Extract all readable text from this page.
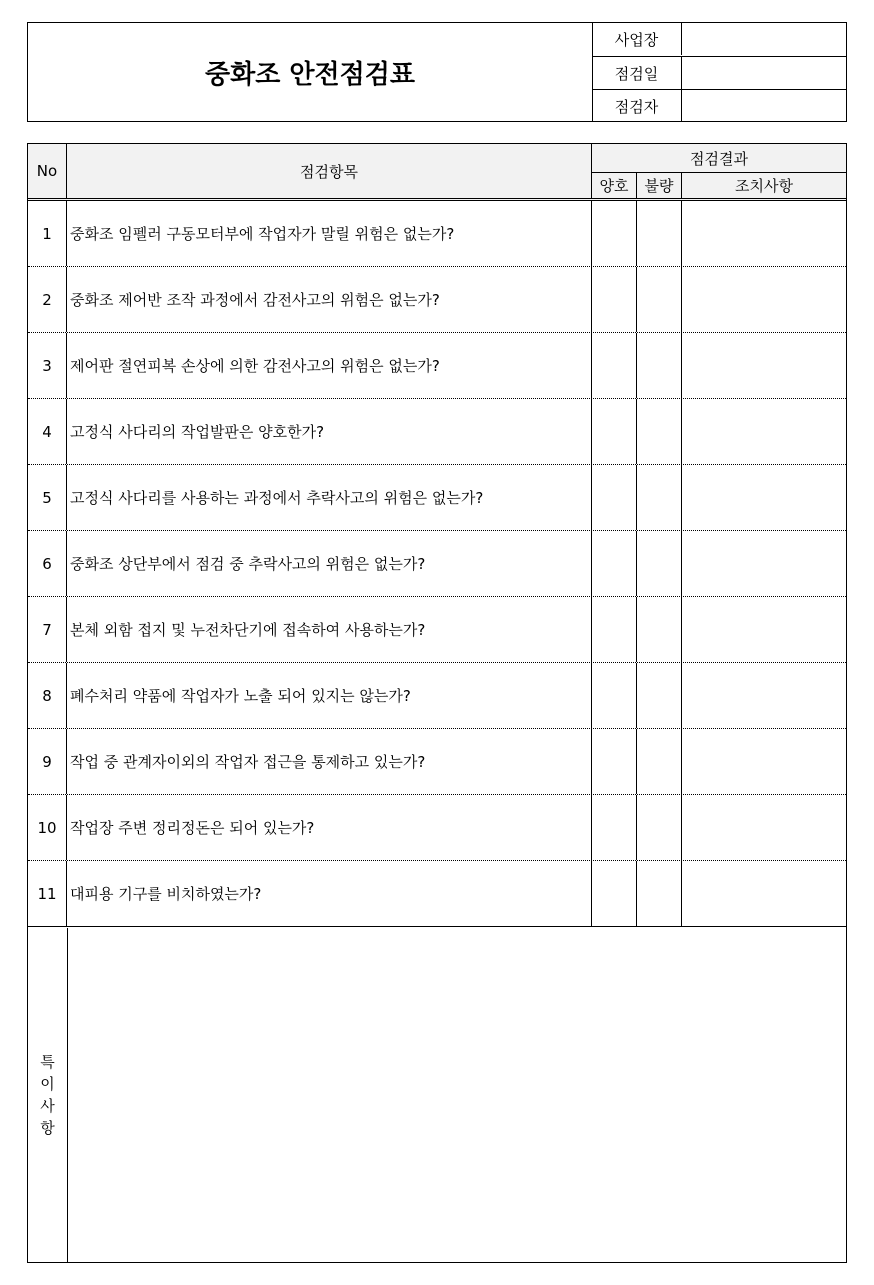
중화조 안전점검표
사업장
점검일
점검자
No	점검항목
점검결과
양호	불량	조치사항
1	중화조 임펠러 구동모터부에 작업자가 말릴 위험은 없는가?
2	중화조 제어반 조작 과정에서 감전사고의 위험은 없는가?
3	제어판 절연피복 손상에 의한 감전사고의 위험은 없는가?
4	고정식 사다리의 작업발판은 양호한가?
5	고정식 사다리를 사용하는 과정에서 추락사고의 위험은 없는가?
6	중화조 상단부에서 점검 중 추락사고의 위험은 없는가?
7	본체 외함 접지 및 누전차단기에 접속하여 사용하는가?
8	폐수처리 약품에 작업자가 노출 되어 있지는 않는가?
9	작업 중 관계자이외의 작업자 접근을 통제하고 있는가?
10 작업장 주변 정리정돈은 되어 있는가?
11 대피용 기구를 비치하였는가?
특
이
사
항
